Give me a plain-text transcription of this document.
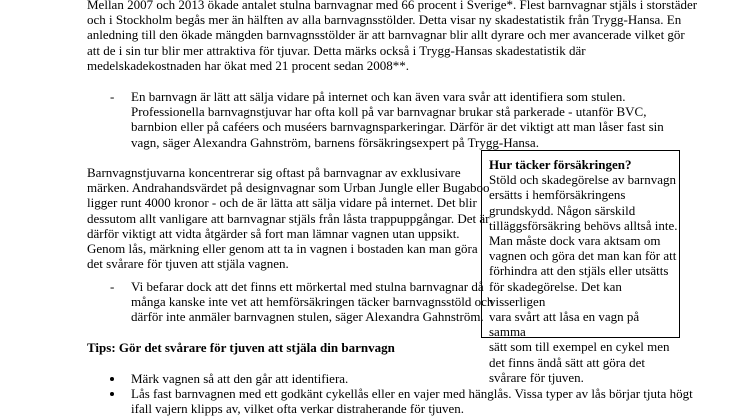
Mellan 2007 och 2013 ökade antalet stulna barnvagnar med 66 procent i Sverige*. Flest barnvagnar stjäls i storstäder
och i Stockholm begås mer än hälften av alla barnvagnsstölder. Detta visar ny skadestatistik från Trygg-Hansa. En
anledning till den ökade mängden barnvagnsstölder är att barnvagnar blir allt dyrare och mer avancerade vilket gör
att de i sin tur blir mer attraktiva för tjuvar. Detta märks också i Trygg-Hansas skadestatistik där
medelskadekostnaden har ökat med 21 procent sedan 2008**.
- En barnvagn är lätt att sälja vidare på internet och kan även vara svår att identifiera som stulen.
Professionella barnvagnstjuvar har ofta koll på var barnvagnar brukar stå parkerade - utanför BVC,
barnbion eller på caféers och muséers barnvagnsparkeringar. Därför är det viktigt att man låser fast sin
vagn, säger Alexandra Gahnström, barnens försäkringsexpert på Trygg-Hansa.
Barnvagnstjuvarna koncentrerar sig oftast på barnvagnar av exklusivare
märken. Andrahandsvärdet på designvagnar som Urban Jungle eller Bugaboo
ligger runt 4000 kronor - och de är lätta att sälja vidare på internet. Det blir
dessutom allt vanligare att barnvagnar stjäls från låsta trappuppgångar. Det är
därför viktigt att vidta åtgärder så fort man lämnar vagnen utan uppsikt.
Genom lås, märkning eller genom att ta in vagnen i bostaden kan man göra
det svårare för tjuven att stjäla vagnen.
- Vi befarar dock att det finns ett mörkertal med stulna barnvagnar då
många kanske inte vet att hemförsäkringen täcker barnvagnsstöld och
därför inte anmäler barnvagnen stulen, säger Alexandra Gahnström.
Hur täcker försäkringen?
Stöld och skadegörelse av barnvagn
ersätts i hemförsäkringens
grundskydd. Någon särskild
tilläggsförsäkring behövs alltså inte.
Man måste dock vara aktsam om
vagnen och göra det man kan för att
förhindra att den stjäls eller utsätts
för skadegörelse. Det kan visserligen
vara svårt att låsa en vagn på samma
sätt som till exempel en cykel men
det finns ändå sätt att göra det
svårare för tjuven.
Tips: Gör det svårare för tjuven att stjäla din barnvagn
Märk vagnen så att den går att identifiera.
Lås fast barnvagnen med ett godkänt cykellås eller en vajer med hänglås. Vissa typer av lås börjar tjuta högt
ifall vajern klipps av, vilket ofta verkar distraherande för tjuven.
